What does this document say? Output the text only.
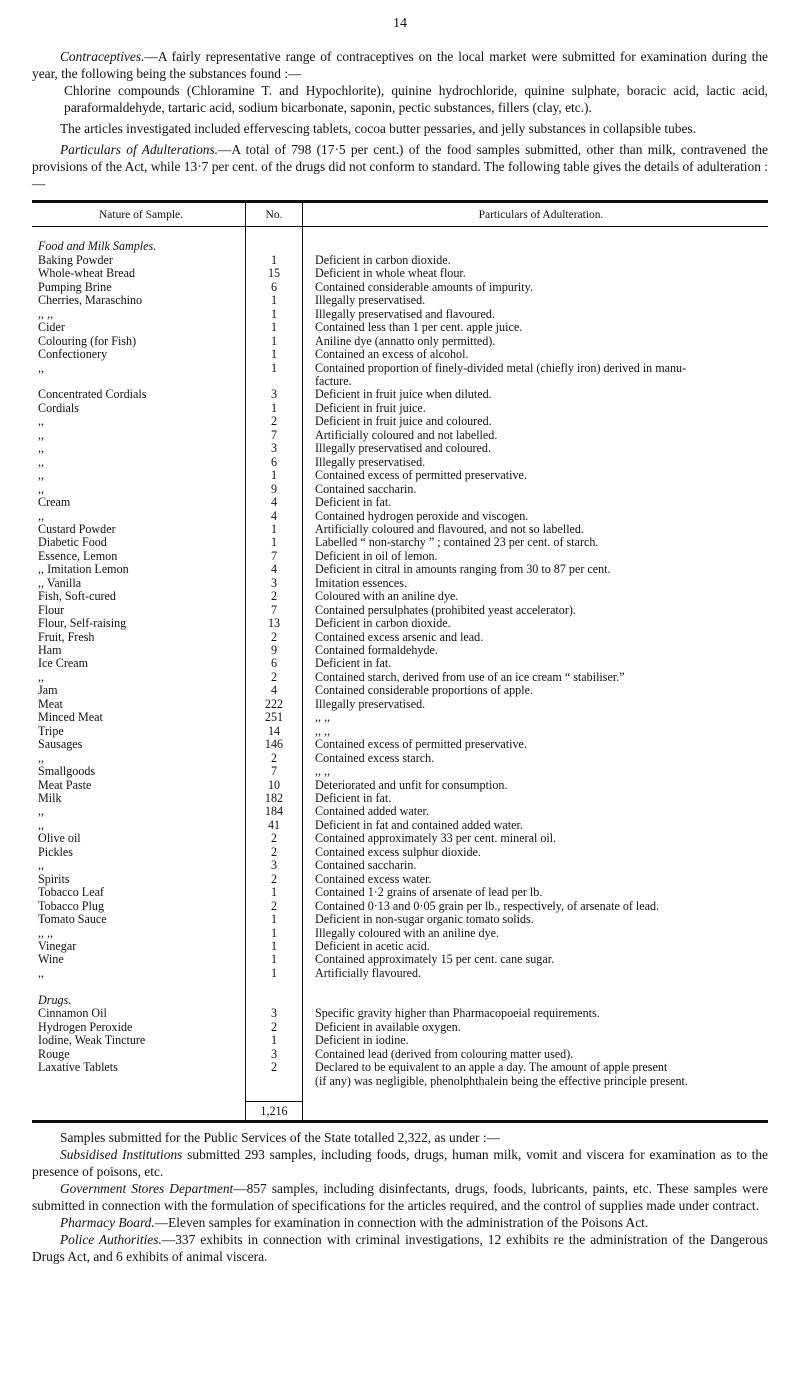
14

Contraceptives.—A fairly representative range of contraceptives on the local market were submitted for examination during the year, the following being the substances found :—

Chlorine compounds (Chloramine T. and Hypochlorite), quinine hydrochloride, quinine sulphate, boracic acid, lactic acid, paraformaldehyde, tartaric acid, sodium bicarbonate, saponin, pectic substances, fillers (clay, etc.).

The articles investigated included effervescing tablets, cocoa butter pessaries, and jelly substances in collapsible tubes.

Particulars of Adulterations.—A total of 798 (17·5 per cent.) of the food samples submitted, other than milk, contravened the provisions of the Act, while 13·7 per cent. of the drugs did not conform to standard. The following table gives the details of adulteration :—

Nature of Sample.	No.	Particulars of Adulteration.

Food and Milk Samples.		
Baking Powder	1	Deficient in carbon dioxide.
Whole-wheat Bread	15	Deficient in whole wheat flour.
Pumping Brine	6	Contained considerable amounts of impurity.
Cherries, Maraschino	1	Illegally preservatised.
,, ,,	1	Illegally preservatised and flavoured.
Cider	1	Contained less than 1 per cent. apple juice.
Colouring (for Fish)	1	Aniline dye (annatto only permitted).
Confectionery	1	Contained an excess of alcohol.
,,	1	Contained proportion of finely-divided metal (chiefly iron) derived in manu-
		facture.
Concentrated Cordials	3	Deficient in fruit juice when diluted.
Cordials	1	Deficient in fruit juice.
,,	2	Deficient in fruit juice and coloured.
,,	7	Artificially coloured and not labelled.
,,	3	Illegally preservatised and coloured.
,,	6	Illegally preservatised.
,,	1	Contained excess of permitted preservative.
,,	9	Contained saccharin.
Cream	4	Deficient in fat.
,,	4	Contained hydrogen peroxide and viscogen.
Custard Powder	1	Artificially coloured and flavoured, and not so labelled.
Diabetic Food	1	Labelled “ non-starchy ” ; contained 23 per cent. of starch.
Essence, Lemon	7	Deficient in oil of lemon.
,, Imitation Lemon	4	Deficient in citral in amounts ranging from 30 to 87 per cent.
,, Vanilla	3	Imitation essences.
Fish, Soft-cured	2	Coloured with an aniline dye.
Flour	7	Contained persulphates (prohibited yeast accelerator).
Flour, Self-raising	13	Deficient in carbon dioxide.
Fruit, Fresh	2	Contained excess arsenic and lead.
Ham	9	Contained formaldehyde.
Ice Cream	6	Deficient in fat.
,,	2	Contained starch, derived from use of an ice cream “ stabiliser.”
Jam	4	Contained considerable proportions of apple.
Meat	222	Illegally preservatised.
Minced Meat	251	,, ,,
Tripe	14	,, ,,
Sausages	146	Contained excess of permitted preservative.
,,	2	Contained excess starch.
Smallgoods	7	,, ,,
Meat Paste	10	Deteriorated and unfit for consumption.
Milk	182	Deficient in fat.
,,	184	Contained added water.
,,	41	Deficient in fat and contained added water.
Olive oil	2	Contained approximately 33 per cent. mineral oil.
Pickles	2	Contained excess sulphur dioxide.
,,	3	Contained saccharin.
Spirits	2	Contained excess water.
Tobacco Leaf	1	Contained 1·2 grains of arsenate of lead per lb.
Tobacco Plug	2	Contained 0·13 and 0·05 grain per lb., respectively, of arsenate of lead.
Tomato Sauce	1	Deficient in non-sugar organic tomato solids.
,, ,,	1	Illegally coloured with an aniline dye.
Vinegar	1	Deficient in acetic acid.
Wine	1	Contained approximately 15 per cent. cane sugar.
,,	1	Artificially flavoured.

Drugs.		
Cinnamon Oil	3	Specific gravity higher than Pharmacopoeial requirements.
Hydrogen Peroxide	2	Deficient in available oxygen.
Iodine, Weak Tincture	1	Deficient in iodine.
Rouge	3	Contained lead (derived from colouring matter used).
Laxative Tablets	2	Declared to be equivalent to an apple a day. The amount of apple present
		(if any) was negligible, phenolphthalein being the effective principle present.

	1,216	

Samples submitted for the Public Services of the State totalled 2,322, as under :—

Subsidised Institutions submitted 293 samples, including foods, drugs, human milk, vomit and viscera for examination as to the presence of poisons, etc.

Government Stores Department—857 samples, including disinfectants, drugs, foods, lubricants, paints, etc. These samples were submitted in connection with the formulation of specifications for the articles required, and the control of supplies made under contract.

Pharmacy Board.—Eleven samples for examination in connection with the administration of the Poisons Act.

Police Authorities.—337 exhibits in connection with criminal investigations, 12 exhibits re the administration of the Dangerous Drugs Act, and 6 exhibits of animal viscera.
